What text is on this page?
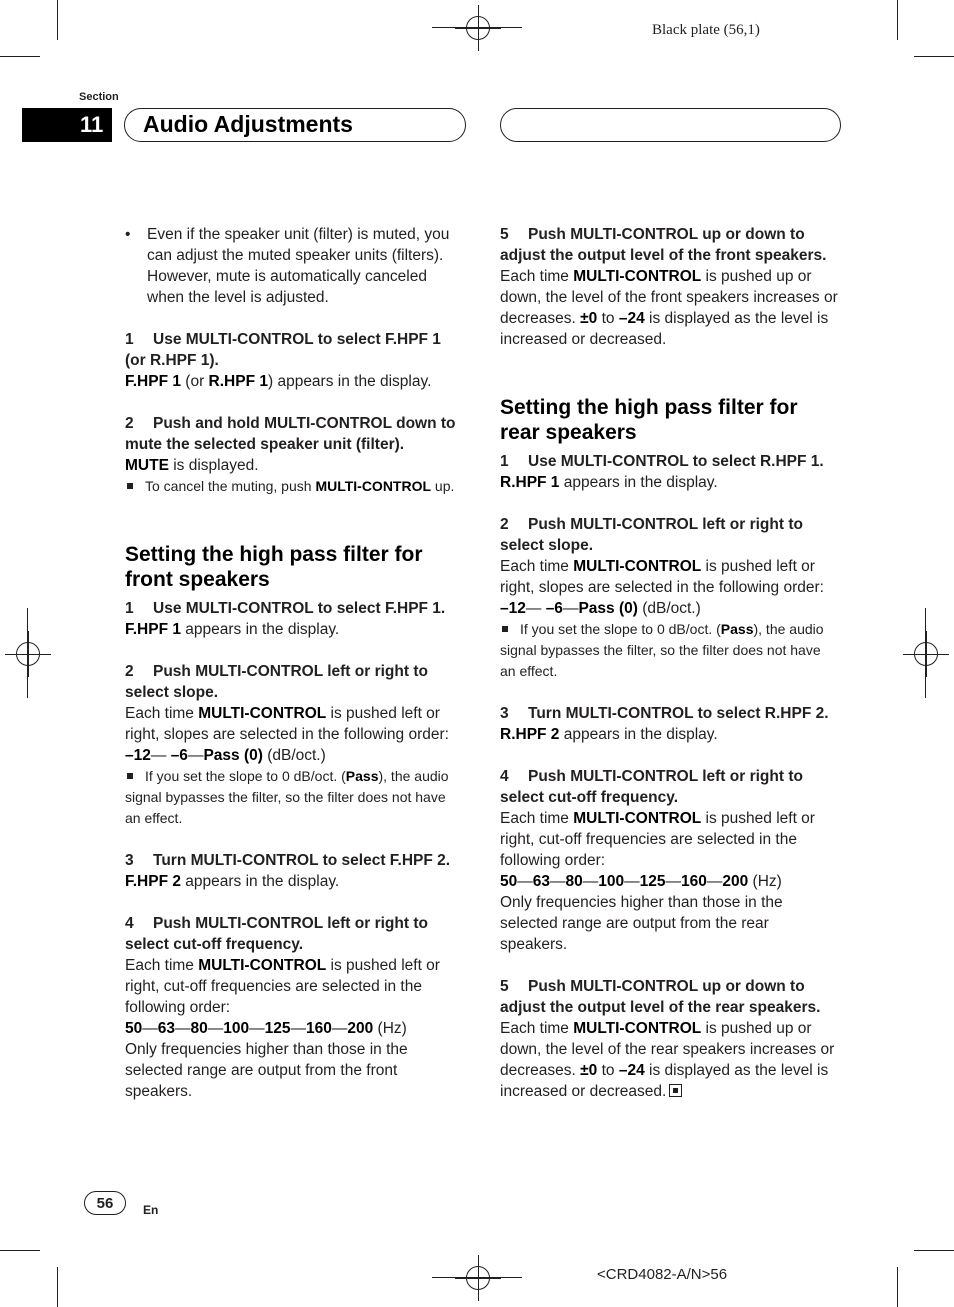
Black plate (56,1)
Section
11	Audio Adjustments

• Even if the speaker unit (filter) is muted, you can adjust the muted speaker units (filters). However, mute is automatically canceled when the level is adjusted.

1 Use MULTI-CONTROL to select F.HPF 1 (or R.HPF 1).

F.HPF 1 (or R.HPF 1) appears in the display.

2 Push and hold MULTI-CONTROL down to mute the selected speaker unit (filter).

MUTE is displayed.

To cancel the muting, push MULTI-CONTROL up.

Setting the high pass filter for front speakers

1 Use MULTI-CONTROL to select F.HPF 1.

F.HPF 1 appears in the display.

2 Push MULTI-CONTROL left or right to select slope.

Each time MULTI-CONTROL is pushed left or right, slopes are selected in the following order:

–12— –6—Pass (0) (dB/oct.)

If you set the slope to 0 dB/oct. (Pass), the audio signal bypasses the filter, so the filter does not have an effect.

3 Turn MULTI-CONTROL to select F.HPF 2.

F.HPF 2 appears in the display.

4 Push MULTI-CONTROL left or right to select cut-off frequency.

Each time MULTI-CONTROL is pushed left or right, cut-off frequencies are selected in the following order:

50—63—80—100—125—160—200 (Hz)

Only frequencies higher than those in the selected range are output from the front speakers.

5 Push MULTI-CONTROL up or down to adjust the output level of the front speakers.

Each time MULTI-CONTROL is pushed up or down, the level of the front speakers increases or decreases. ±0 to –24 is displayed as the level is increased or decreased.

Setting the high pass filter for rear speakers

1 Use MULTI-CONTROL to select R.HPF 1.

R.HPF 1 appears in the display.

2 Push MULTI-CONTROL left or right to select slope.

Each time MULTI-CONTROL is pushed left or right, slopes are selected in the following order:

–12— –6—Pass (0) (dB/oct.)

If you set the slope to 0 dB/oct. (Pass), the audio signal bypasses the filter, so the filter does not have an effect.

3 Turn MULTI-CONTROL to select R.HPF 2.

R.HPF 2 appears in the display.

4 Push MULTI-CONTROL left or right to select cut-off frequency.

Each time MULTI-CONTROL is pushed left or right, cut-off frequencies are selected in the following order:

50—63—80—100—125—160—200 (Hz)

Only frequencies higher than those in the selected range are output from the rear speakers.

5 Push MULTI-CONTROL up or down to adjust the output level of the rear speakers.

Each time MULTI-CONTROL is pushed up or down, the level of the rear speakers increases or decreases. ±0 to –24 is displayed as the level is increased or decreased.

56	En
<CRD4082-A/N>56
